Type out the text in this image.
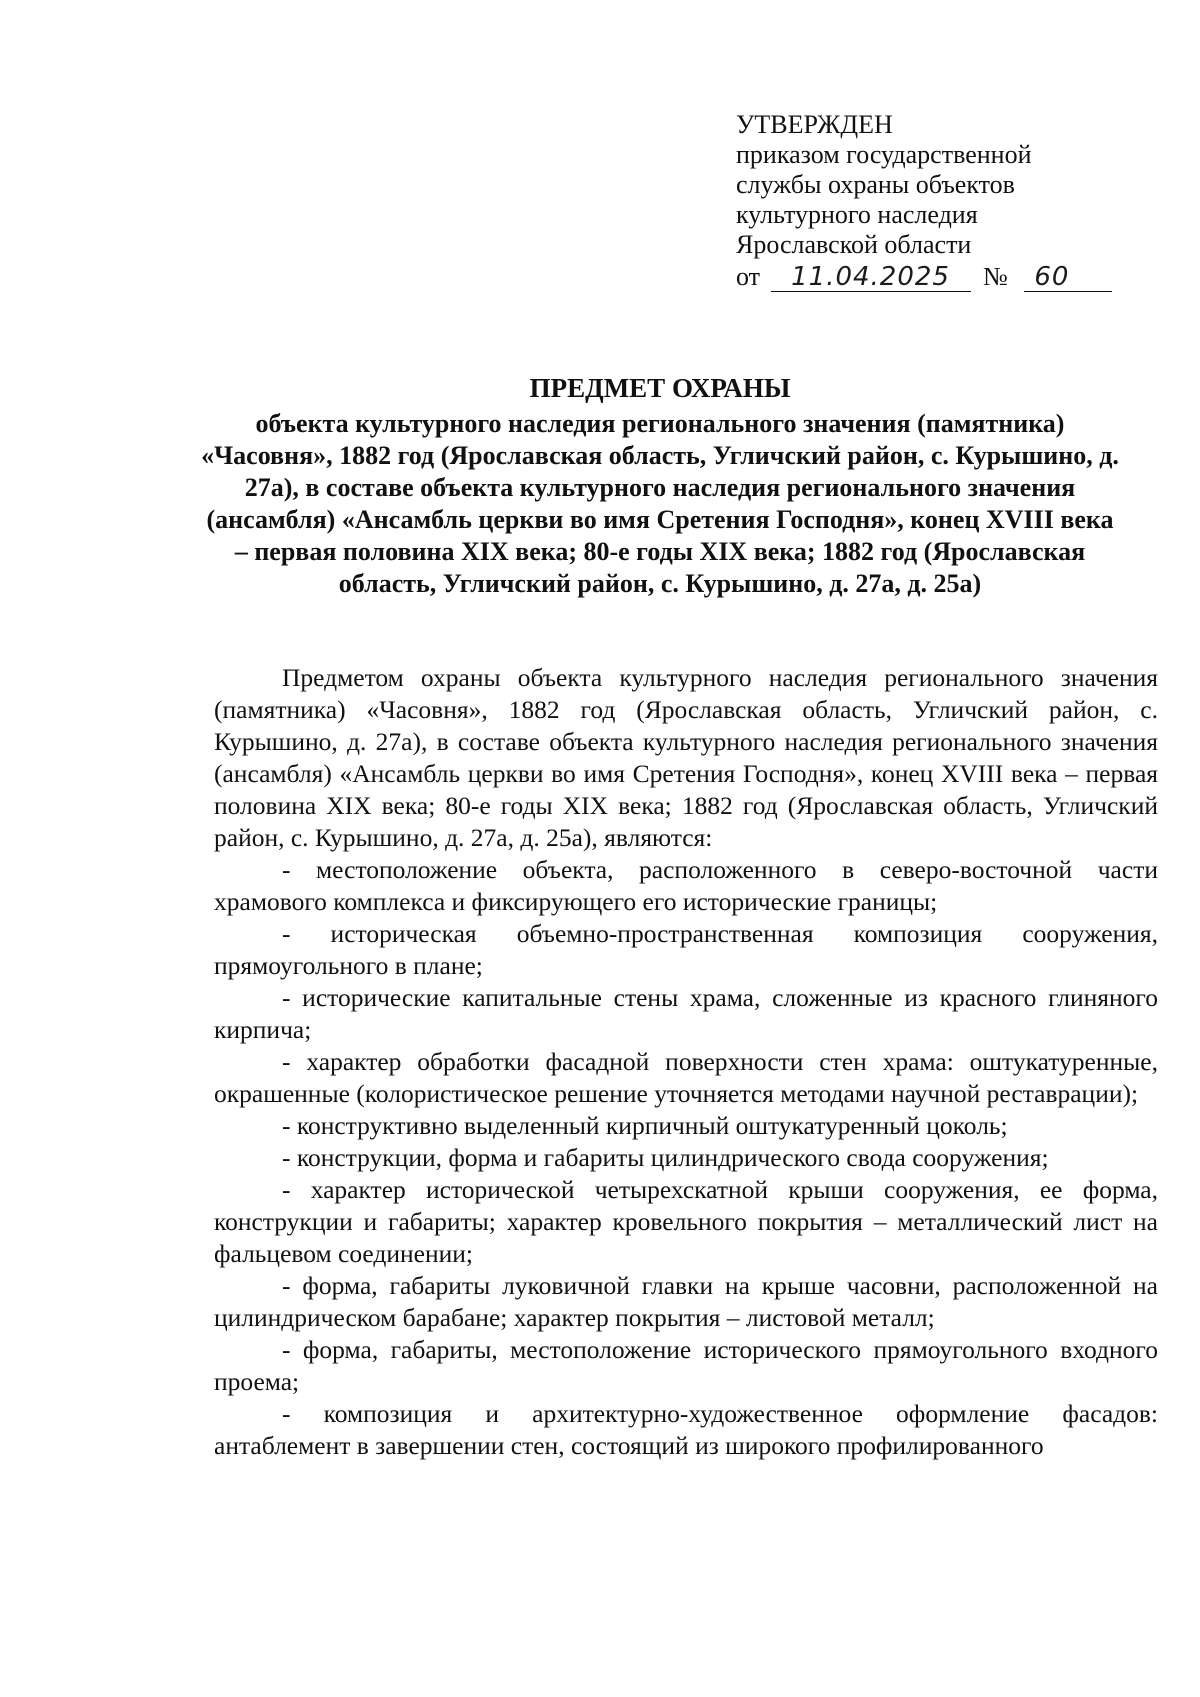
УТВЕРЖДЕН
приказом государственной
службы охраны объектов
культурного наследия
Ярославской области
от 11.04.2025 № 60

ПРЕДМЕТ ОХРАНЫ

объекта культурного наследия регионального значения (памятника) «Часовня», 1882 год (Ярославская область, Угличский район, с. Курышино, д. 27а), в составе объекта культурного наследия регионального значения (ансамбля) «Ансамбль церкви во имя Сретения Господня», конец XVIII века – первая половина XIX века; 80-е годы XIX века; 1882 год (Ярославская область, Угличский район, с. Курышино, д. 27а, д. 25а)

Предметом охраны объекта культурного наследия регионального значения (памятника) «Часовня», 1882 год (Ярославская область, Угличский район, с. Курышино, д. 27а), в составе объекта культурного наследия регионального значения (ансамбля) «Ансамбль церкви во имя Сретения Господня», конец XVIII века – первая половина XIX века; 80-е годы XIX века; 1882 год (Ярославская область, Угличский район, с. Курышино, д. 27а, д. 25а), являются:

- местоположение объекта, расположенного в северо-восточной части храмового комплекса и фиксирующего его исторические границы;

- историческая объемно-пространственная композиция сооружения, прямоугольного в плане;

- исторические капитальные стены храма, сложенные из красного глиняного кирпича;

- характер обработки фасадной поверхности стен храма: оштукатуренные, окрашенные (колористическое решение уточняется методами научной реставрации);

- конструктивно выделенный кирпичный оштукатуренный цоколь;

- конструкции, форма и габариты цилиндрического свода сооружения;

- характер исторической четырехскатной крыши сооружения, ее форма, конструкции и габариты; характер кровельного покрытия – металлический лист на фальцевом соединении;

- форма, габариты луковичной главки на крыше часовни, расположенной на цилиндрическом барабане; характер покрытия – листовой металл;

- форма, габариты, местоположение исторического прямоугольного входного проема;

- композиция и архитектурно-художественное оформление фасадов: антаблемент в завершении стен, состоящий из широкого профилированного
